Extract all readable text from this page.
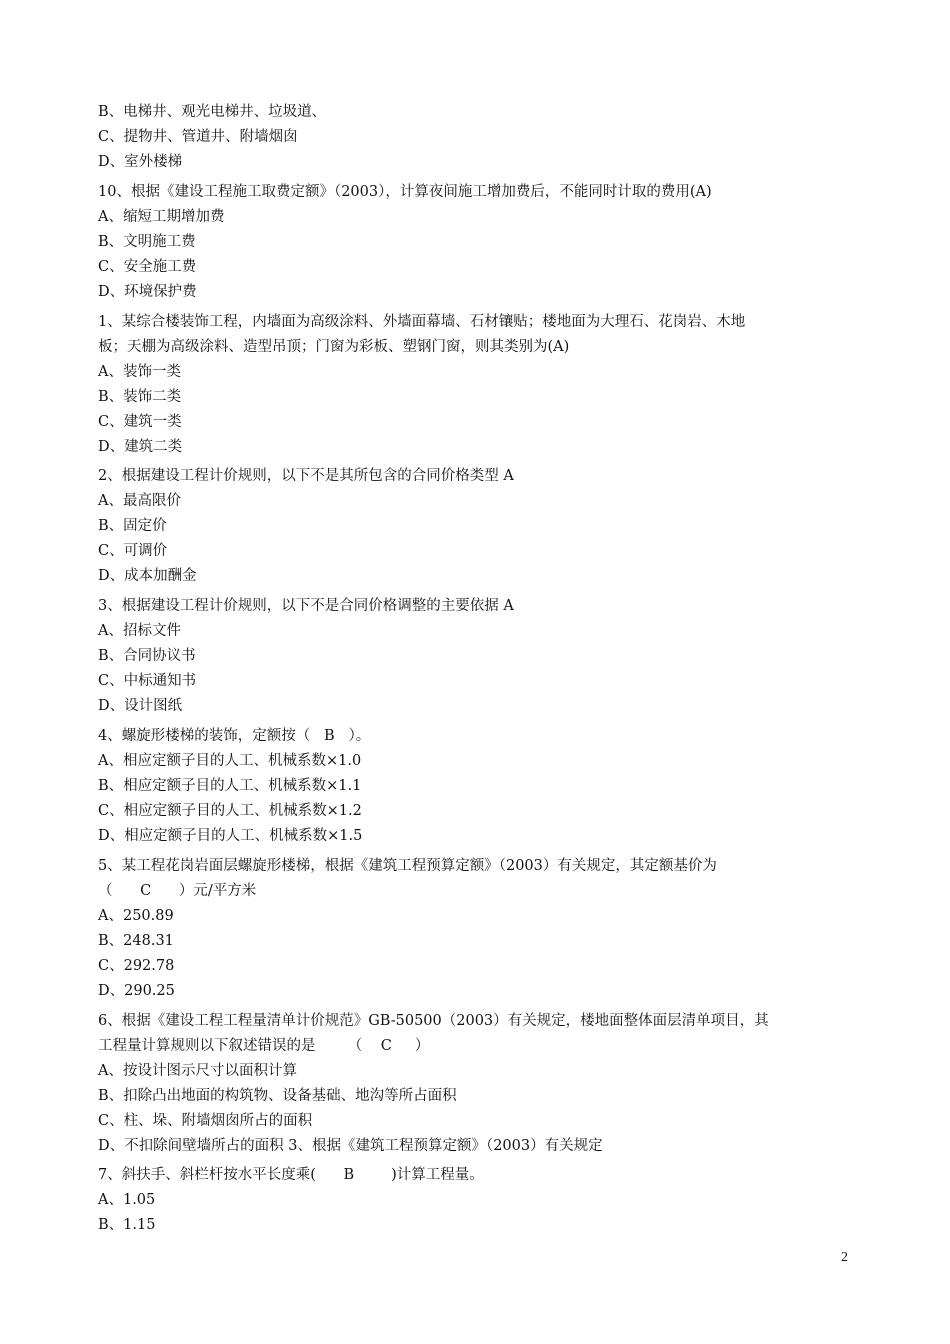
B、电梯井、观光电梯井、垃圾道、
C、提物井、管道井、附墙烟囱
D、室外楼梯
10、根据《建设工程施工取费定额》（2003），计算夜间施工增加费后，不能同时计取的费用(A)
A、缩短工期增加费
B、文明施工费
C、安全施工费
D、环境保护费
1、某综合楼装饰工程，内墙面为高级涂料、外墙面幕墙、石材镶贴；楼地面为大理石、花岗岩、木地
板；天棚为高级涂料、造型吊顶；门窗为彩板、塑钢门窗，则其类别为(A)
A、装饰一类
B、装饰二类
C、建筑一类
D、建筑二类
2、根据建设工程计价规则，以下不是其所包含的合同价格类型 A
A、最高限价
B、固定价
C、可调价
D、成本加酬金
3、根据建设工程计价规则，以下不是合同价格调整的主要依据 A
A、招标文件
B、合同协议书
C、中标通知书
D、设计图纸
4、螺旋形楼梯的装饰，定额按（   B   ）。
A、相应定额子目的人工、机械系数×1.0
B、相应定额子目的人工、机械系数×1.1
C、相应定额子目的人工、机械系数×1.2
D、相应定额子目的人工、机械系数×1.5
5、某工程花岗岩面层螺旋形楼梯，根据《建筑工程预算定额》（2003）有关规定，其定额基价为
（      C      ）元/平方米
A、250.89
B、248.31
C、292.78
D、290.25
6、根据《建设工程工程量清单计价规范》GB-50500（2003）有关规定，楼地面整体面层清单项目，其
工程量计算规则以下叙述错误的是       （    C     ）
A、按设计图示尺寸以面积计算
B、扣除凸出地面的构筑物、设备基础、地沟等所占面积
C、柱、垛、附墙烟囱所占的面积
D、不扣除间壁墙所占的面积 3、根据《建筑工程预算定额》（2003）有关规定
7、斜扶手、斜栏杆按水平长度乘(      B        )计算工程量。
A、1.05
B、1.15
2
